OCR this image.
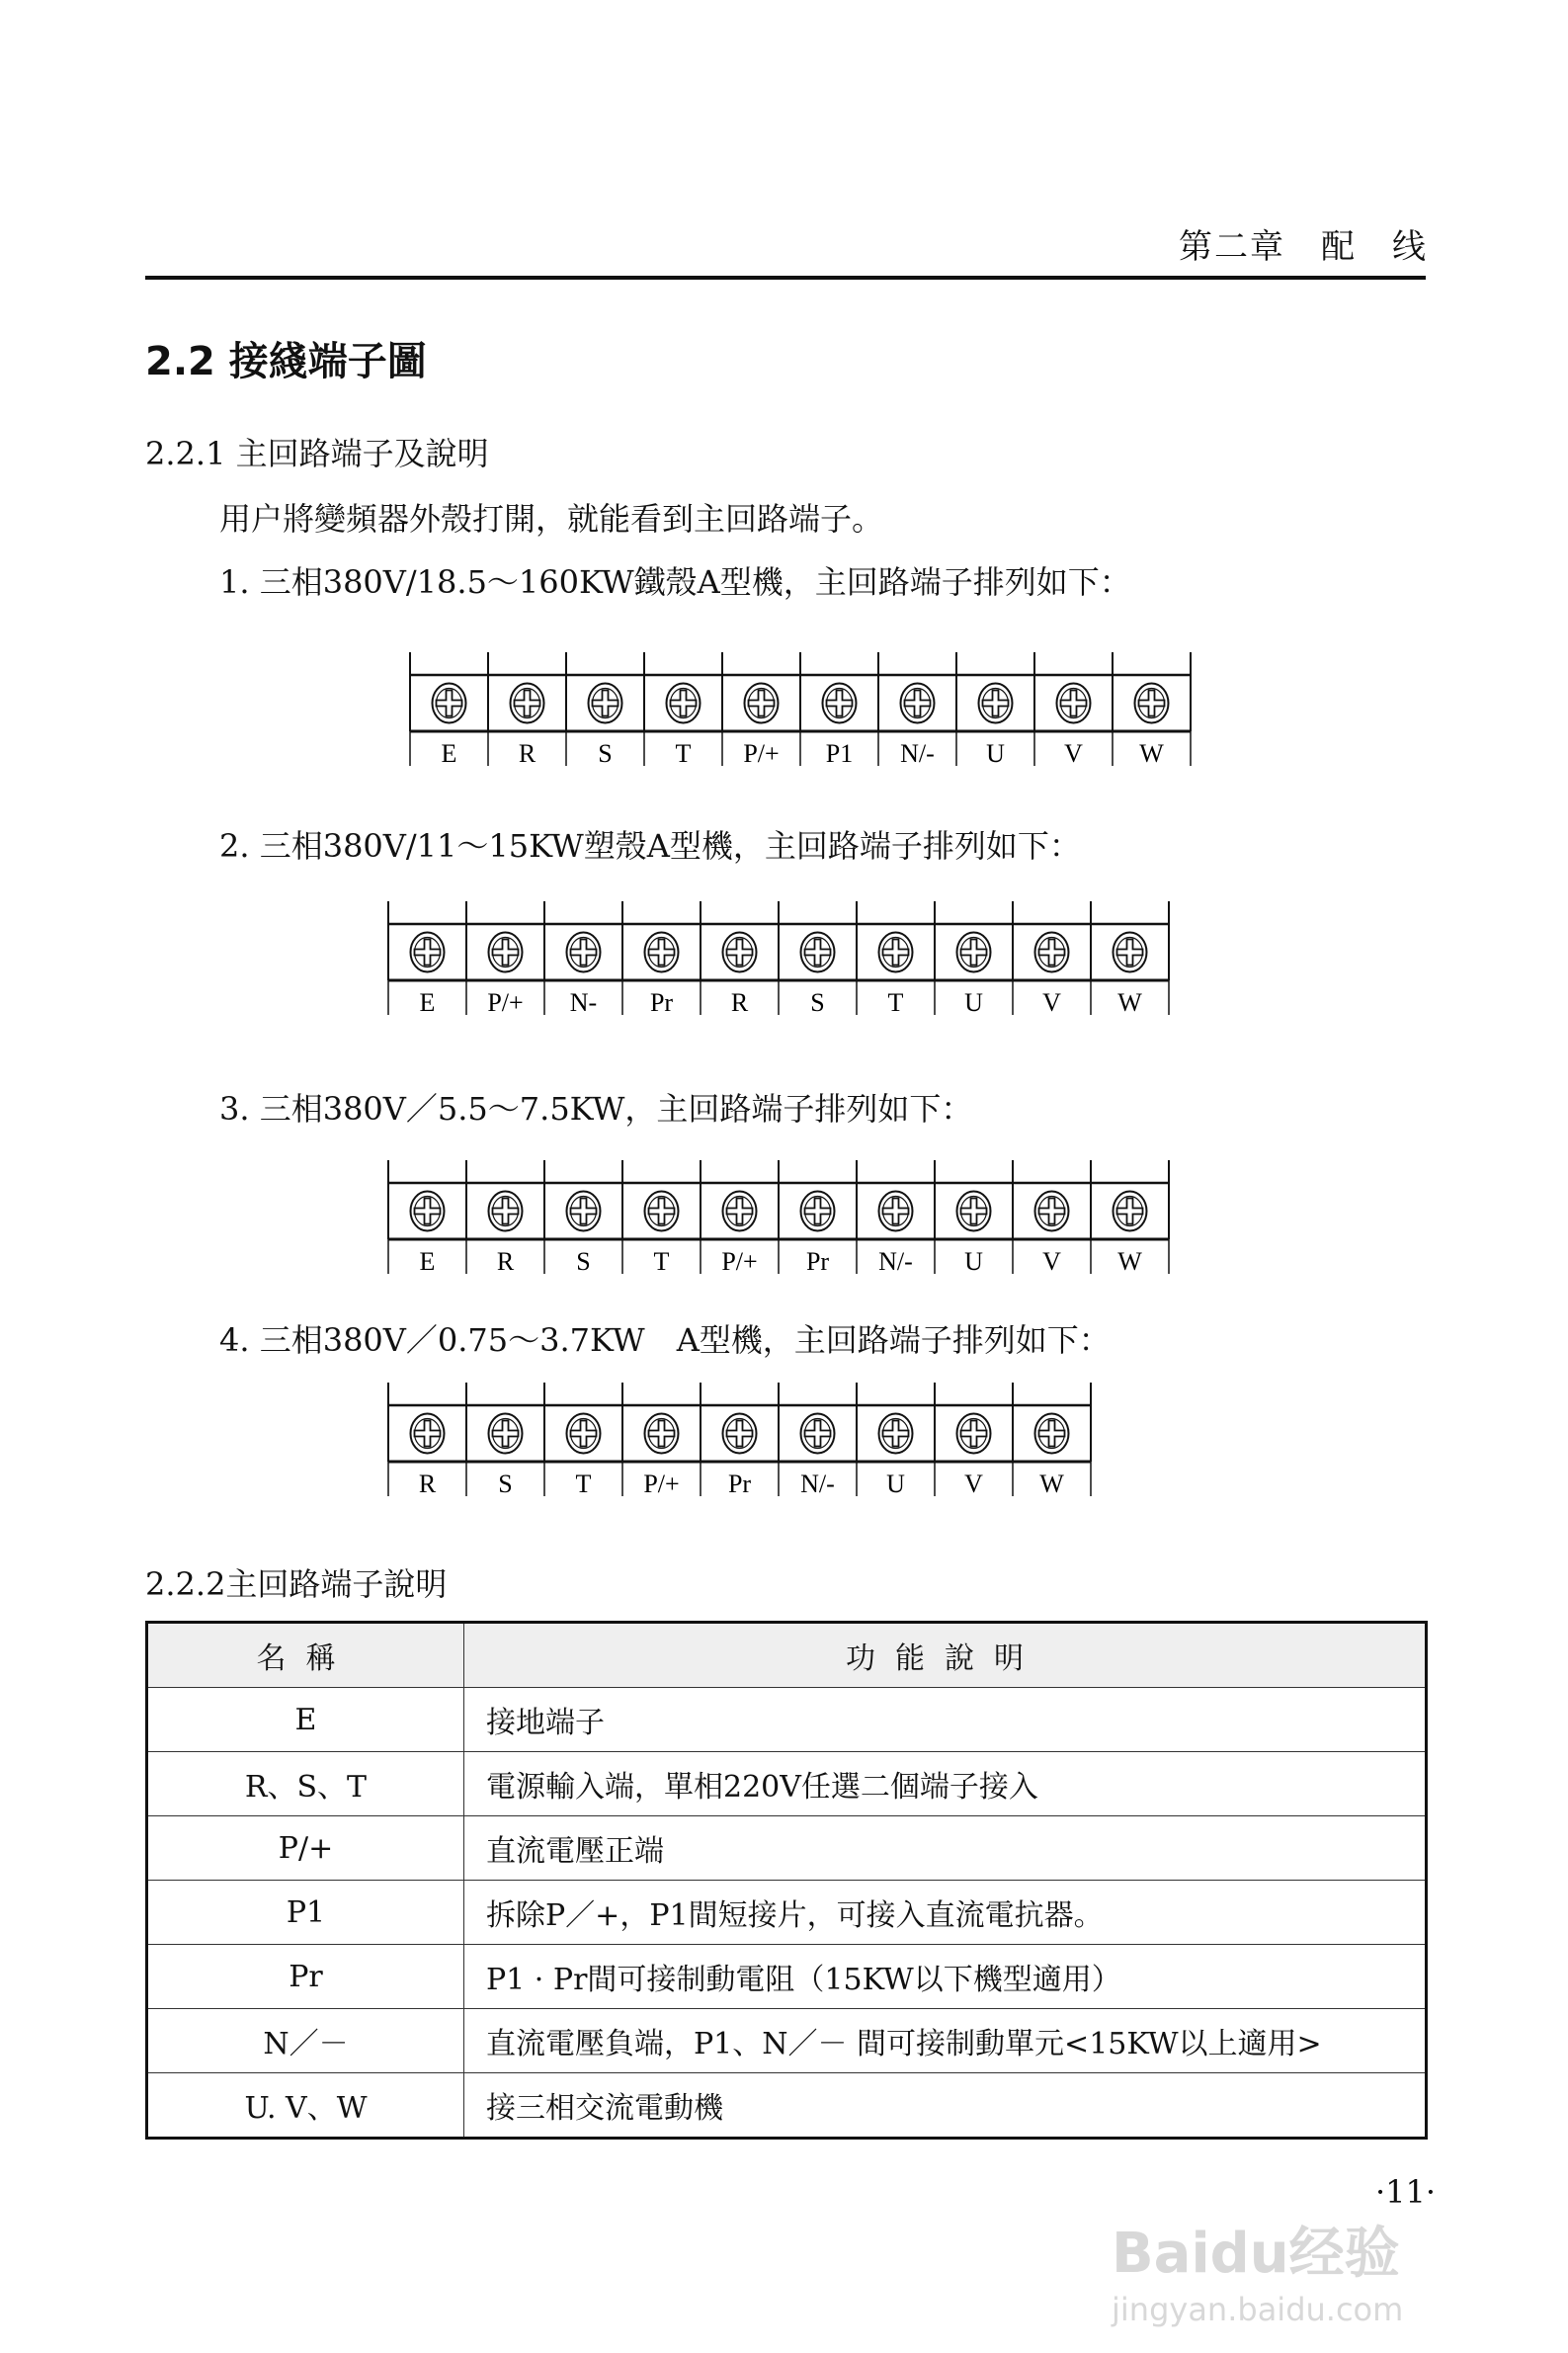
第二章　配　线
2.2 接綫端子圖
2.2.1 主回路端子及說明
用户將變頻器外殼打開，就能看到主回路端子。
1. 三相380V/18.5～160KW鐵殼A型機，主回路端子排列如下：
E R S T P/+ P1 N/- U V W
2. 三相380V/11～15KW塑殼A型機，主回路端子排列如下：
E P/+ N- Pr R S T U V W
3. 三相380V／5.5～7.5KW，主回路端子排列如下：
E R S T P/+ Pr N/- U V W
4. 三相380V／0.75～3.7KW　A型機，主回路端子排列如下：
R S T P/+ Pr N/- U V W
2.2.2主回路端子說明
名稱	功能說明
E	接地端子
R、S、T	電源輸入端，單相220V任選二個端子接入
P/+	直流電壓正端
P1	拆除P／+，P1間短接片，可接入直流電抗器。
Pr	P1 · Pr間可接制動電阻（15KW以下機型適用）
N／－	直流電壓負端，P1、N／－ 間可接制動單元<15KW以上適用>
U. V、W	接三相交流電動機
·11·
Baidu经验
jingyan.baidu.com
